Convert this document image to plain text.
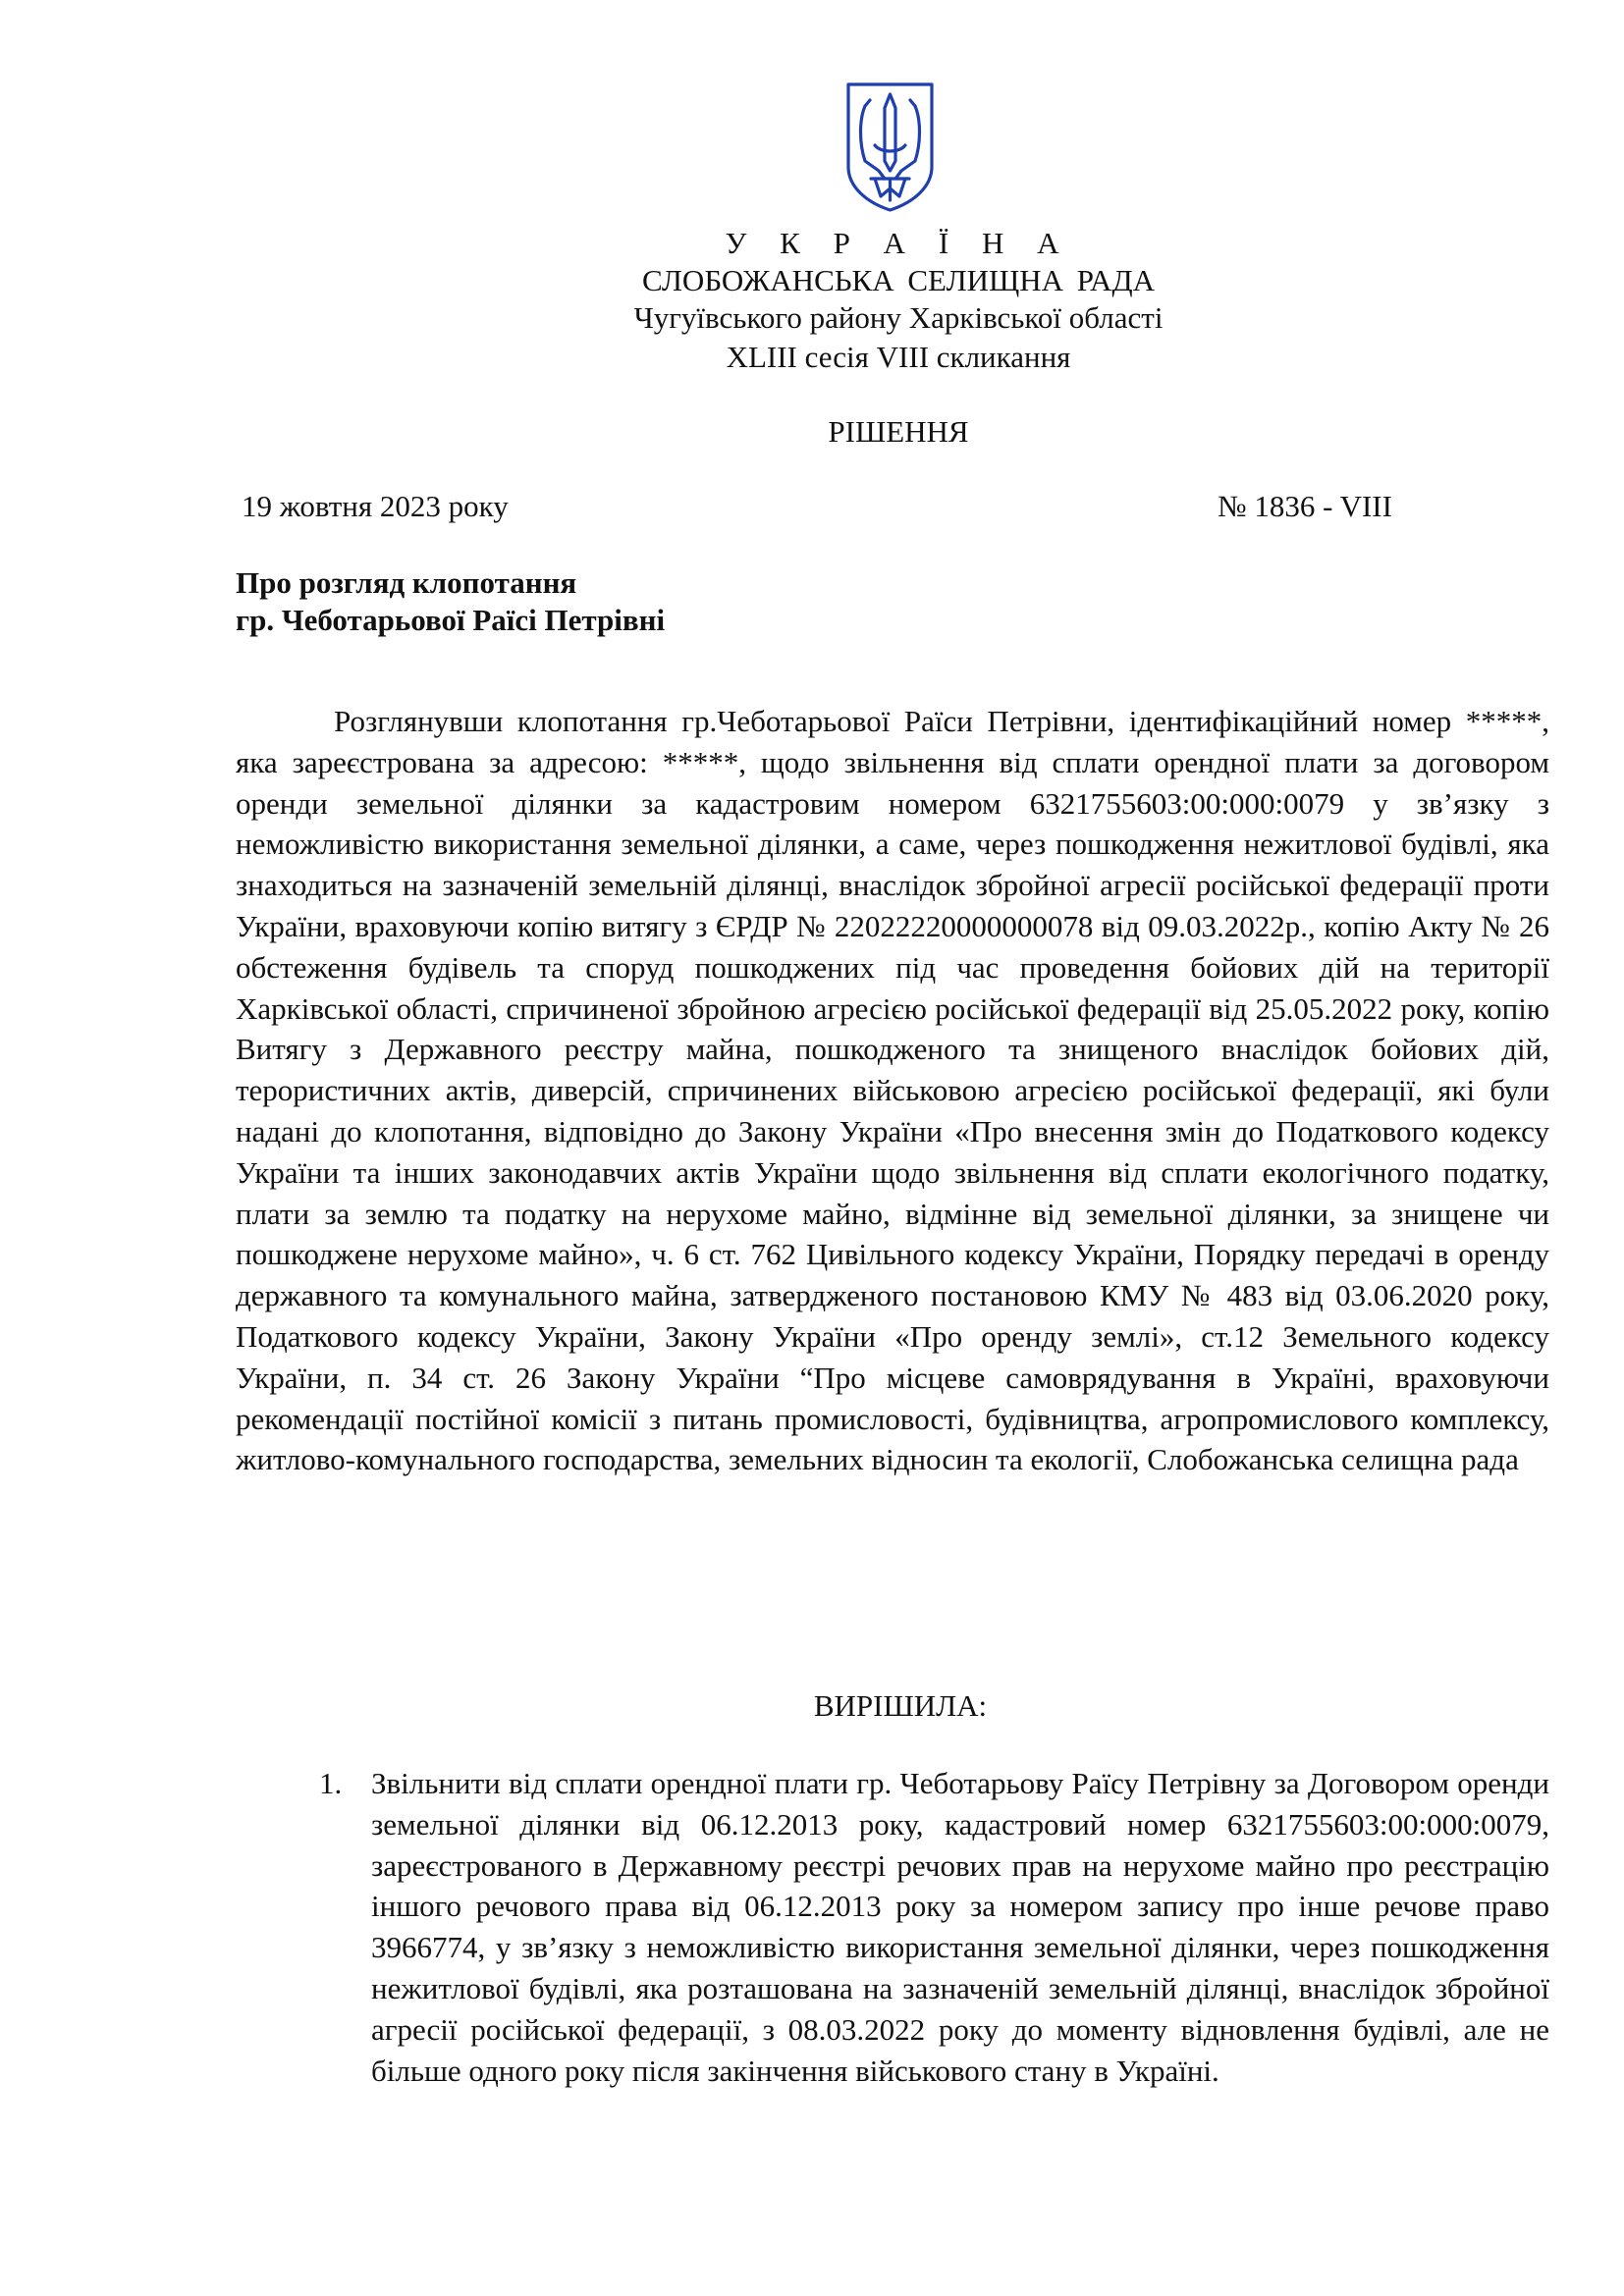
У К Р А Ї Н А
СЛОБОЖАНСЬКА СЕЛИЩНА РАДА
Чугуївського району Харківської області
XLIII сесія VIII скликання
РІШЕННЯ
19 жовтня 2023 року	№ 1836 - VIII
Про розгляд клопотання
гр. Чеботарьової Раїсі Петрівні

Розглянувши клопотання гр.Чеботарьової Раїси Петрівни, ідентифікаційний номер *****, яка зареєстрована за адресою: *****, щодо звільнення від сплати орендної плати за договором оренди земельної ділянки за кадастровим номером 6321755603:00:000:0079 у зв’язку з неможливістю використання земельної ділянки, а саме, через пошкодження нежитлової будівлі, яка знаходиться на зазначеній земельній ділянці, внаслідок збройної агресії російської федерації проти України, враховуючи копію витягу з ЄРДР № 22022220000000078 від 09.03.2022р., копію Акту № 26 обстеження будівель та споруд пошкоджених під час проведення бойових дій на території Харківської області, спричиненої збройною агресією російської федерації від 25.05.2022 року, копію Витягу з Державного реєстру майна, пошкодженого та знищеного внаслідок бойових дій, терористичних актів, диверсій, спричинених військовою агресією російської федерації, які були надані до клопотання, відповідно до Закону України «Про внесення змін до Податкового кодексу України та інших законодавчих актів України щодо звільнення від сплати екологічного податку, плати за землю та податку на нерухоме майно, відмінне від земельної ділянки, за знищене чи пошкоджене нерухоме майно», ч. 6 ст. 762 Цивільного кодексу України, Порядку передачі в оренду державного та комунального майна, затвердженого постановою КМУ № 483 від 03.06.2020 року, Податкового кодексу України, Закону України «Про оренду землі», ст.12 Земельного кодексу України, п. 34 ст. 26 Закону України “Про місцеве самоврядування в Україні, враховуючи рекомендації постійної комісії з питань промисловості, будівництва, агропромислового комплексу, житлово-комунального господарства, земельних відносин та екології, Слобожанська селищна рада

ВИРІШИЛА:
1. Звільнити від сплати орендної плати гр. Чеботарьову Раїсу Петрівну за Договором оренди земельної ділянки від 06.12.2013 року, кадастровий номер 6321755603:00:000:0079, зареєстрованого в Державному реєстрі речових прав на нерухоме майно про реєстрацію іншого речового права від 06.12.2013 року за номером запису про інше речове право 3966774, у зв’язку з неможливістю використання земельної ділянки, через пошкодження нежитлової будівлі, яка розташована на зазначеній земельній ділянці, внаслідок збройної агресії російської федерації, з 08.03.2022 року до моменту відновлення будівлі, але не більше одного року після закінчення військового стану в Україні.
